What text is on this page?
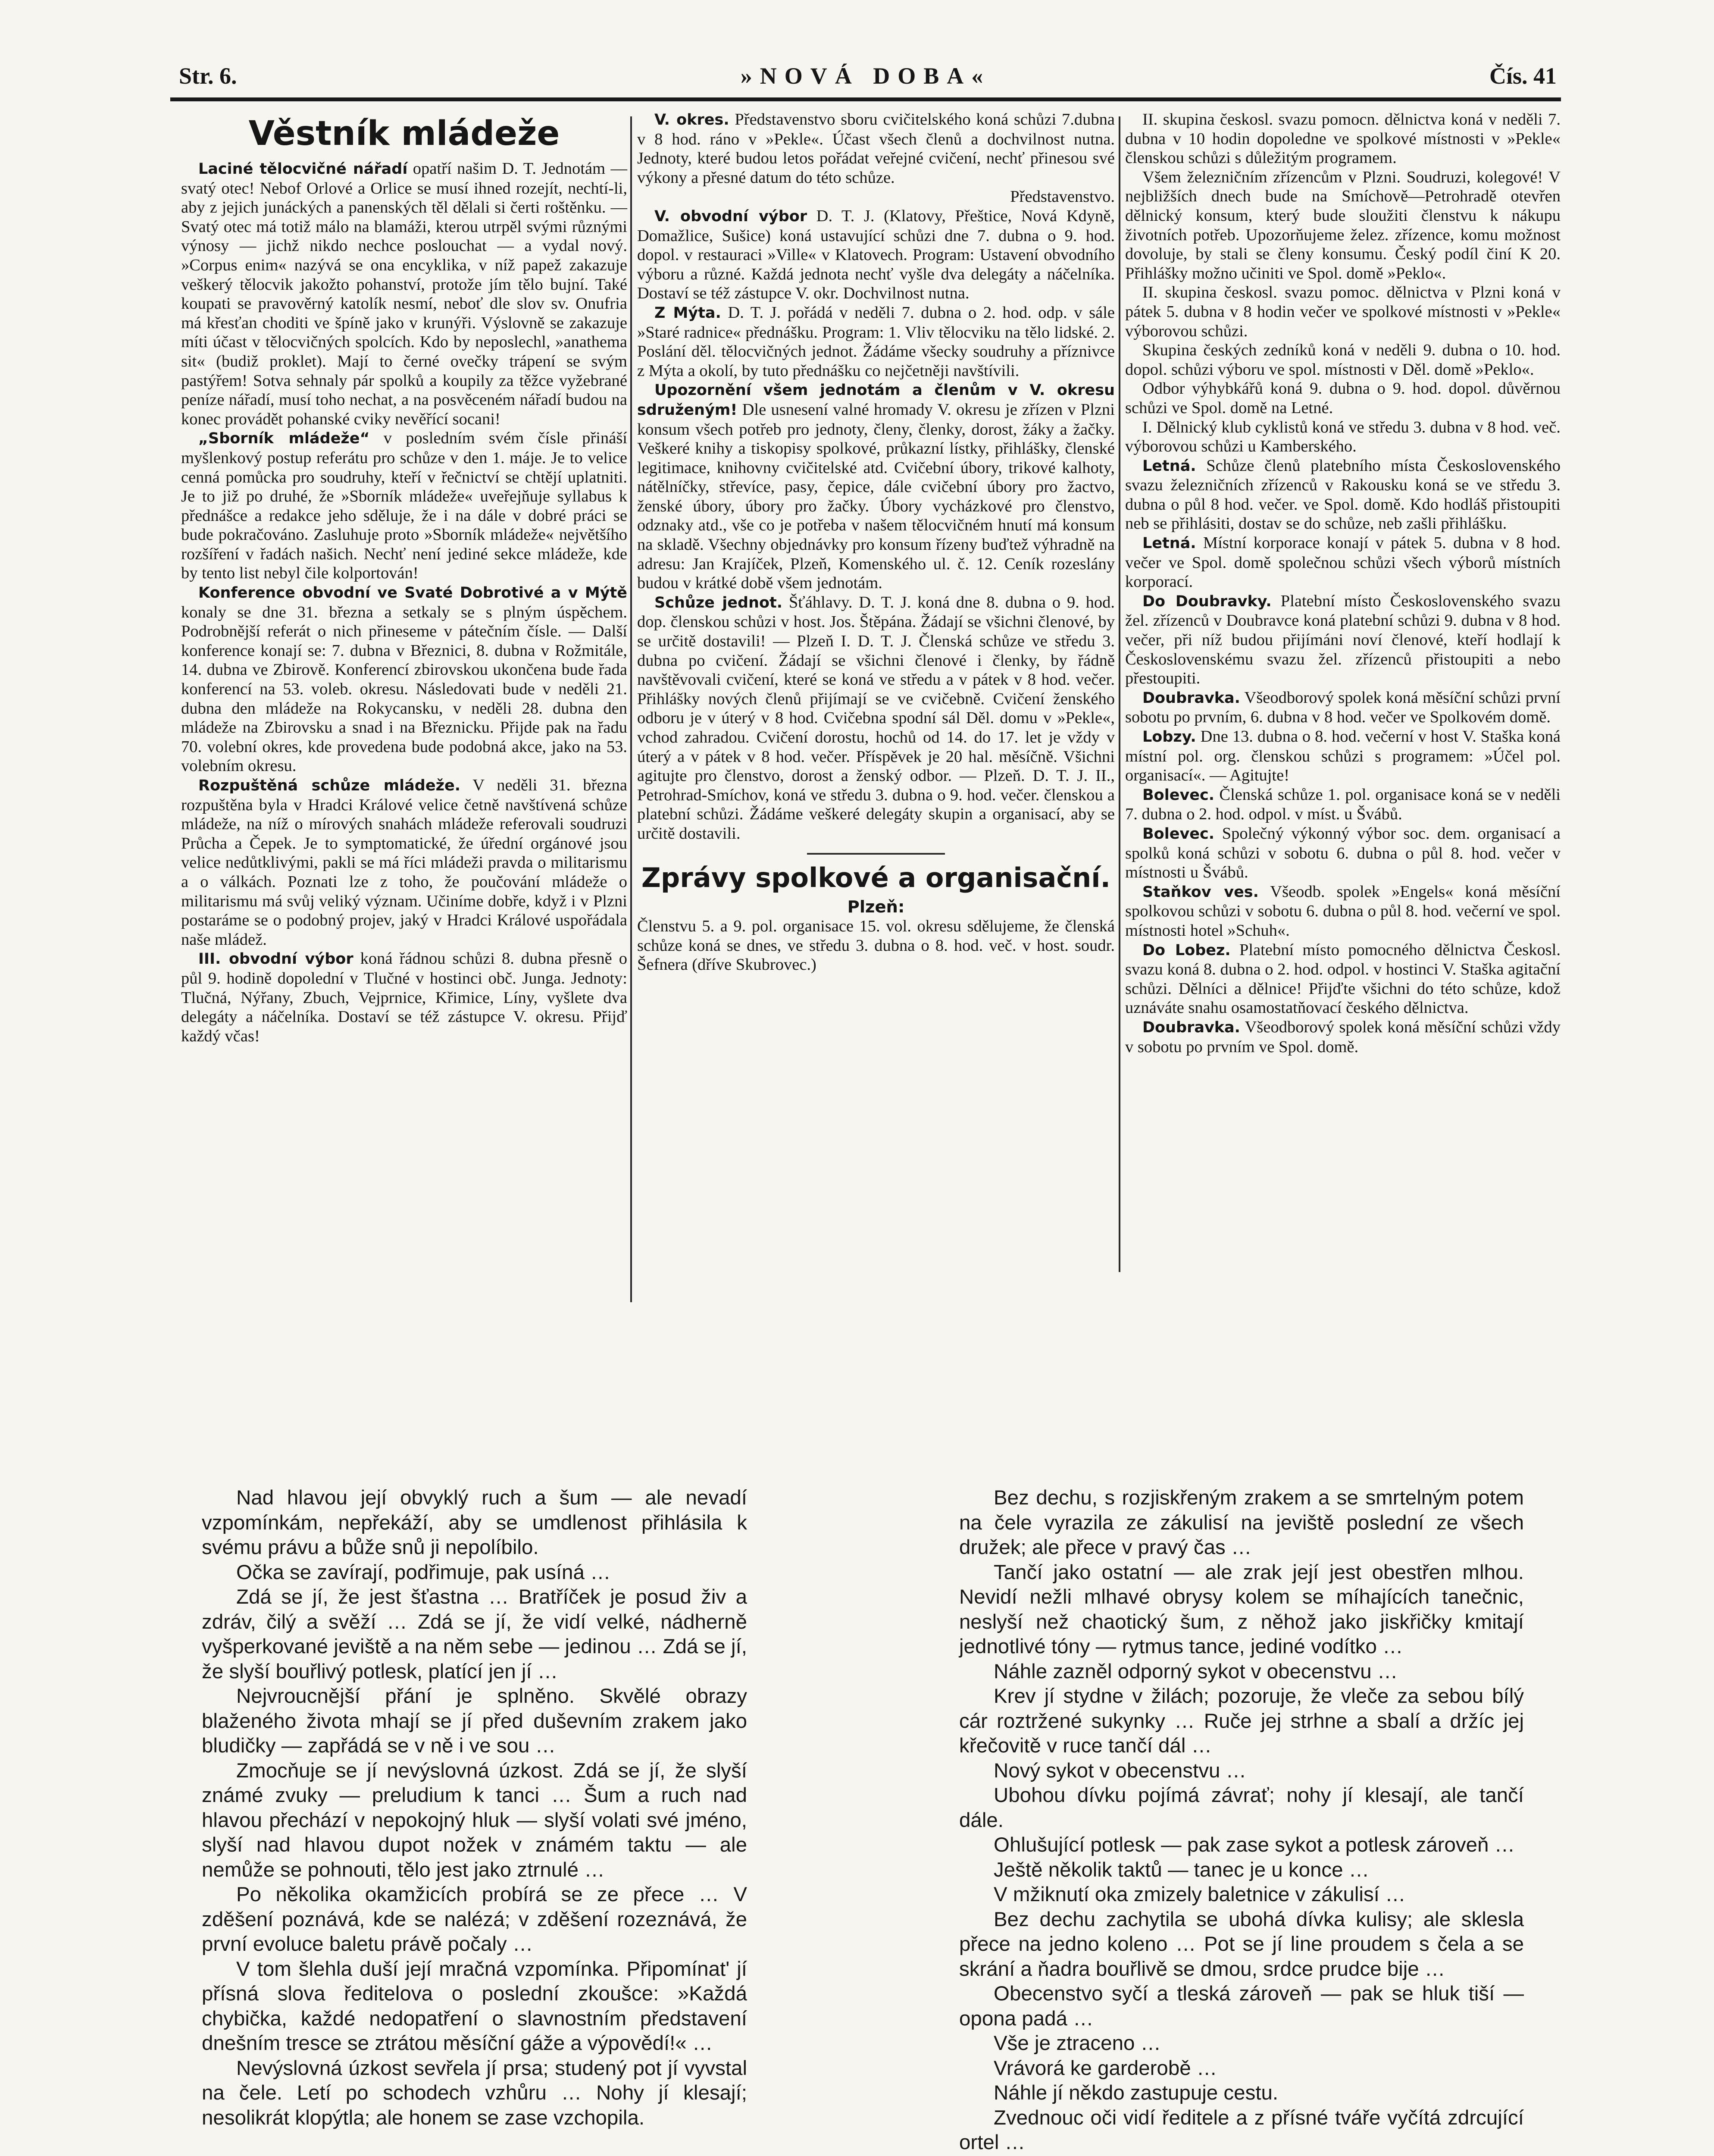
Str. 6.	»NOVÁ DOBA«	Čís. 41
Věstník mládeže

Laciné tělocvičné nářadí opatří našim D. T. Jednotám — svatý otec! Nebof Orlové a Orlice se musí ihned rozejít, nechtí-li, aby z jejich junáckých a panenských těl dělali si čerti roštěnku. — Svatý otec má totiž málo na blamáži, kterou utrpěl svými různými výnosy — jichž nikdo nechce poslouchat — a vydal nový. »Corpus enim« nazývá se ona encyklika, v níž papež zakazuje veškerý tělocvik jakožto pohanství, protože jím tělo bujní. Také koupati se pravověrný katolík nesmí, neboť dle slov sv. Onufria má křesťan choditi ve špíně jako v krunýři. Výslovně se zakazuje míti účast v tělocvičných spolcích. Kdo by neposlechl, »anathema sit« (budiž proklet). Mají to černé ovečky trápení se svým pastýřem! Sotva sehnaly pár spolků a koupily za těžce vyžebrané peníze nářadí, musí toho nechat, a na posvěceném nářadí budou na konec provádět pohanské cviky nevěřící socani!

„Sborník mládeže“ v posledním svém čísle přináší myšlenkový postup referátu pro schůze v den 1. máje. Je to velice cenná pomůcka pro soudruhy, kteří v řečnictví se chtějí uplatniti. Je to již po druhé, že »Sborník mládeže« uveřejňuje syllabus k přednášce a redakce jeho sděluje, že i na dále v dobré práci se bude pokračováno. Zasluhuje proto »Sborník mládeže« největšího rozšíření v řadách našich. Nechť není jediné sekce mládeže, kde by tento list nebyl čile kolportován!

Konference obvodní ve Svaté Dobrotivé a v Mýtě konaly se dne 31. března a setkaly se s plným úspěchem. Podrobnější referát o nich přineseme v pátečním čísle. — Další konference konají se: 7. dubna v Březnici, 8. dubna v Rožmitále, 14. dubna ve Zbirově. Konferencí zbirovskou ukončena bude řada konferencí na 53. voleb. okresu. Následovati bude v neděli 21. dubna den mládeže na Rokycansku, v neděli 28. dubna den mládeže na Zbirovsku a snad i na Březnicku. Přijde pak na řadu 70. volební okres, kde provedena bude podobná akce, jako na 53. volebním okresu.

Rozpuštěná schůze mládeže. V neděli 31. března rozpuštěna byla v Hradci Králové velice četně navštívená schůze mládeže, na níž o mírových snahách mládeže referovali soudruzi Průcha a Čepek. Je to symptomatické, že úřední orgánové jsou velice nedůtklivými, pakli se má říci mládeži pravda o militarismu a o válkách. Poznati lze z toho, že poučování mládeže o militarismu má svůj veliký význam. Učiníme dobře, když i v Plzni postaráme se o podobný projev, jaký v Hradci Králové uspořádala naše mládež.

III. obvodní výbor koná řádnou schůzi 8. dubna přesně o půl 9. hodině dopolední v Tlučné v hostinci obč. Junga. Jednoty: Tlučná, Nýřany, Zbuch, Vejprnice, Křimice, Líny, vyšlete dva delegáty a náčelníka. Dostaví se též zástupce V. okresu. Přijď každý včas!

V. okres. Představenstvo sboru cvičitelského koná schůzi 7.dubna v 8 hod. ráno v »Pekle«. Účast všech členů a dochvilnost nutna. Jednoty, které budou letos pořádat veřejné cvičení, nechť přinesou své výkony a přesné datum do této schůze.

Představenstvo.

V. obvodní výbor D. T. J. (Klatovy, Přeštice, Nová Kdyně, Domažlice, Sušice) koná ustavující schůzi dne 7. dubna o 9. hod. dopol. v restauraci »Ville« v Klatovech. Program: Ustavení obvodního výboru a různé. Každá jednota nechť vyšle dva delegáty a náčelníka. Dostaví se též zástupce V. okr. Dochvilnost nutna.

Z Mýta. D. T. J. pořádá v neděli 7. dubna o 2. hod. odp. v sále »Staré radnice« přednášku. Program: 1. Vliv tělocviku na tělo lidské. 2. Poslání děl. tělocvičných jednot. Žádáme všecky soudruhy a příznivce z Mýta a okolí, by tuto přednášku co nejčetněji navštívili.

Upozornění všem jednotám a členům v V. okresu sdruženým! Dle usnesení valné hromady V. okresu je zřízen v Plzni konsum všech potřeb pro jednoty, členy, členky, dorost, žáky a žačky. Veškeré knihy a tiskopisy spolkové, průkazní lístky, přihlášky, členské legitimace, knihovny cvičitelské atd. Cvičební úbory, trikové kalhoty, nátělníčky, střevíce, pasy, čepice, dále cvičební úbory pro žactvo, ženské úbory, úbory pro žačky. Úbory vycházkové pro členstvo, odznaky atd., vše co je potřeba v našem tělocvičném hnutí má konsum na skladě. Všechny objednávky pro konsum řízeny buďtež výhradně na adresu: Jan Krajíček, Plzeň, Komenského ul. č. 12. Ceník rozeslány budou v krátké době všem jednotám.

Schůze jednot. Šťáhlavy. D. T. J. koná dne 8. dubna o 9. hod. dop. členskou schůzi v host. Jos. Štěpána. Žádají se všichni členové, by se určitě dostavili! — Plzeň I. D. T. J. Členská schůze ve středu 3. dubna po cvičení. Žádají se všichni členové i členky, by řádně navštěvovali cvičení, které se koná ve středu a v pátek v 8 hod. večer. Přihlášky nových členů přijímají se ve cvičebně. Cvičení ženského odboru je v úterý v 8 hod. Cvičebna spodní sál Děl. domu v »Pekle«, vchod zahradou. Cvičení dorostu, hochů od 14. do 17. let je vždy v úterý a v pátek v 8 hod. večer. Příspěvek je 20 hal. měsíčně. Všichni agitujte pro členstvo, dorost a ženský odbor. — Plzeň. D. T. J. II., Petrohrad-Smíchov, koná ve středu 3. dubna o 9. hod. večer. členskou a platební schůzi. Žádáme veškeré delegáty skupin a organisací, aby se určitě dostavili.

Zprávy spolkové a organisační.

Plzeň:

Členstvu 5. a 9. pol. organisace 15. vol. okresu sdělujeme, že členská schůze koná se dnes, ve středu 3. dubna o 8. hod. več. v host. soudr. Šefnera (dříve Skubrovec.)

II. skupina českosl. svazu pomocn. dělnictva koná v neděli 7. dubna v 10 hodin dopoledne ve spolkové místnosti v »Pekle« členskou schůzi s důležitým programem.

Všem železničním zřízencům v Plzni. Soudruzi, kolegové! V nejbližších dnech bude na Smíchově—Petrohradě otevřen dělnický konsum, který bude sloužiti členstvu k nákupu životních potřeb. Upozorňujeme želez. zřízence, komu možnost dovoluje, by stali se členy konsumu. Český podíl činí K 20. Přihlášky možno učiniti ve Spol. domě »Peklo«.

II. skupina českosl. svazu pomoc. dělnictva v Plzni koná v pátek 5. dubna v 8 hodin večer ve spolkové místnosti v »Pekle« výborovou schůzi.

Skupina českých zedníků koná v neděli 9. dubna o 10. hod. dopol. schůzi výboru ve spol. místnosti v Děl. domě »Peklo«.

Odbor výhybkářů koná 9. dubna o 9. hod. dopol. důvěrnou schůzi ve Spol. domě na Letné.

I. Dělnický klub cyklistů koná ve středu 3. dubna v 8 hod. več. výborovou schůzi u Kamberského.

Letná. Schůze členů platebního místa Československého svazu železničních zřízenců v Rakousku koná se ve středu 3. dubna o půl 8 hod. večer. ve Spol. domě. Kdo hodláš přistoupiti neb se přihlásiti, dostav se do schůze, neb zašli přihlášku.

Letná. Místní korporace konají v pátek 5. dubna v 8 hod. večer ve Spol. domě společnou schůzi všech výborů místních korporací.

Do Doubravky. Platební místo Československého svazu žel. zřízenců v Doubravce koná platební schůzi 9. dubna v 8 hod. večer, při níž budou přijímáni noví členové, kteří hodlají k Československému svazu žel. zřízenců přistoupiti a nebo přestoupiti.

Doubravka. Všeodborový spolek koná měsíční schůzi první sobotu po prvním, 6. dubna v 8 hod. večer ve Spolkovém domě.

Lobzy. Dne 13. dubna o 8. hod. večerní v host V. Staška koná místní pol. org. členskou schůzi s programem: »Účel pol. organisací«. — Agitujte!

Bolevec. Členská schůze 1. pol. organisace koná se v neděli 7. dubna o 2. hod. odpol. v míst. u Švábů.

Bolevec. Společný výkonný výbor soc. dem. organisací a spolků koná schůzi v sobotu 6. dubna o půl 8. hod. večer v místnosti u Švábů.

Staňkov ves. Všeodb. spolek »Engels« koná měsíční spolkovou schůzi v sobotu 6. dubna o půl 8. hod. večerní ve spol. místnosti hotel »Schuh«.

Do Lobez. Platební místo pomocného dělnictva Českosl. svazu koná 8. dubna o 2. hod. odpol. v hostinci V. Staška agitační schůzi. Dělníci a dělnice! Přijďte všichni do této schůze, kdož uznáváte snahu osamostatňovací českého dělnictva.

Doubravka. Všeodborový spolek koná měsíční schůzi vždy v sobotu po prvním ve Spol. domě.

Nad hlavou její obvyklý ruch a šum — ale nevadí vzpomínkám, nepřekáží, aby se umdlenost přihlásila k svému právu a bůže snů ji nepolíbilo.

Očka se zavírají, podřimuje, pak usíná …

Zdá se jí, že jest šťastna … Bratříček je posud živ a zdráv, čilý a svěží … Zdá se jí, že vidí velké, nádherně vyšperkované jeviště a na něm sebe — jedinou … Zdá se jí, že slyší bouřlivý potlesk, platící jen jí …

Nejvroucnější přání je splněno. Skvělé obrazy blaženého života mhají se jí před duševním zrakem jako bludičky — zapřádá se v ně i ve sou …

Zmocňuje se jí nevýslovná úzkost. Zdá se jí, že slyší známé zvuky — preludium k tanci … Šum a ruch nad hlavou přechází v nepokojný hluk — slyší volati své jméno, slyší nad hlavou dupot nožek v známém taktu — ale nemůže se pohnouti, tělo jest jako ztrnulé …

Po několika okamžicích probírá se ze přece … V zděšení poznává, kde se nalézá; v zděšení rozeznává, že první evoluce baletu právě počaly …

V tom šlehla duší její mračná vzpomínka. Připomínat' jí přísná slova ředitelova o poslední zkoušce: »Každá chybička, každé nedopatření o slavnostním představení dnešním tresce se ztrátou měsíční gáže a výpovědí!« …

Nevýslovná úzkost sevřela jí prsa; studený pot jí vyvstal na čele. Letí po schodech vzhůru … Nohy jí klesají; nesolikrát klopýtla; ale honem se zase vzchopila.

Bez dechu, s rozjiskřeným zrakem a se smrtelným potem na čele vyrazila ze zákulisí na jeviště poslední ze všech družek; ale přece v pravý čas …

Tančí jako ostatní — ale zrak její jest obestřen mlhou. Nevidí nežli mlhavé obrysy kolem se míhajících tanečnic, neslyší než chaotický šum, z něhož jako jiskřičky kmitají jednotlivé tóny — rytmus tance, jediné vodítko …

Náhle zazněl odporný sykot v obecenstvu …

Krev jí stydne v žilách; pozoruje, že vlečе za sebou bílý cár roztržené sukynky … Ruče jej strhne a sbalí a držíc jej křečovitě v ruce tančí dál …

Nový sykot v obecenstvu …

Ubohou dívku pojímá závrať; nohy jí klesají, ale tančí dále.

Ohlušující potlesk — pak zase sykot a potlesk zároveň …

Ještě několik taktů — tanec je u konce …

V mžiknutí oka zmizely baletnice v zákulisí …

Bez dechu zachytila se ubohá dívka kulisy; ale sklesla přece na jedno koleno … Pot se jí line proudem s čela a se skrání a ňadra bouřlivě se dmou, srdce prudce bije …

Obecenstvo syčí a tleská zároveň — pak se hluk tiší — opona padá …

Vše je ztraceno …

Vrávorá ke garderobě …

Náhle jí někdo zastupuje cestu.

Zvednouc oči vidí ředitele a z přísné tváře vyčítá zdrcující ortel …
